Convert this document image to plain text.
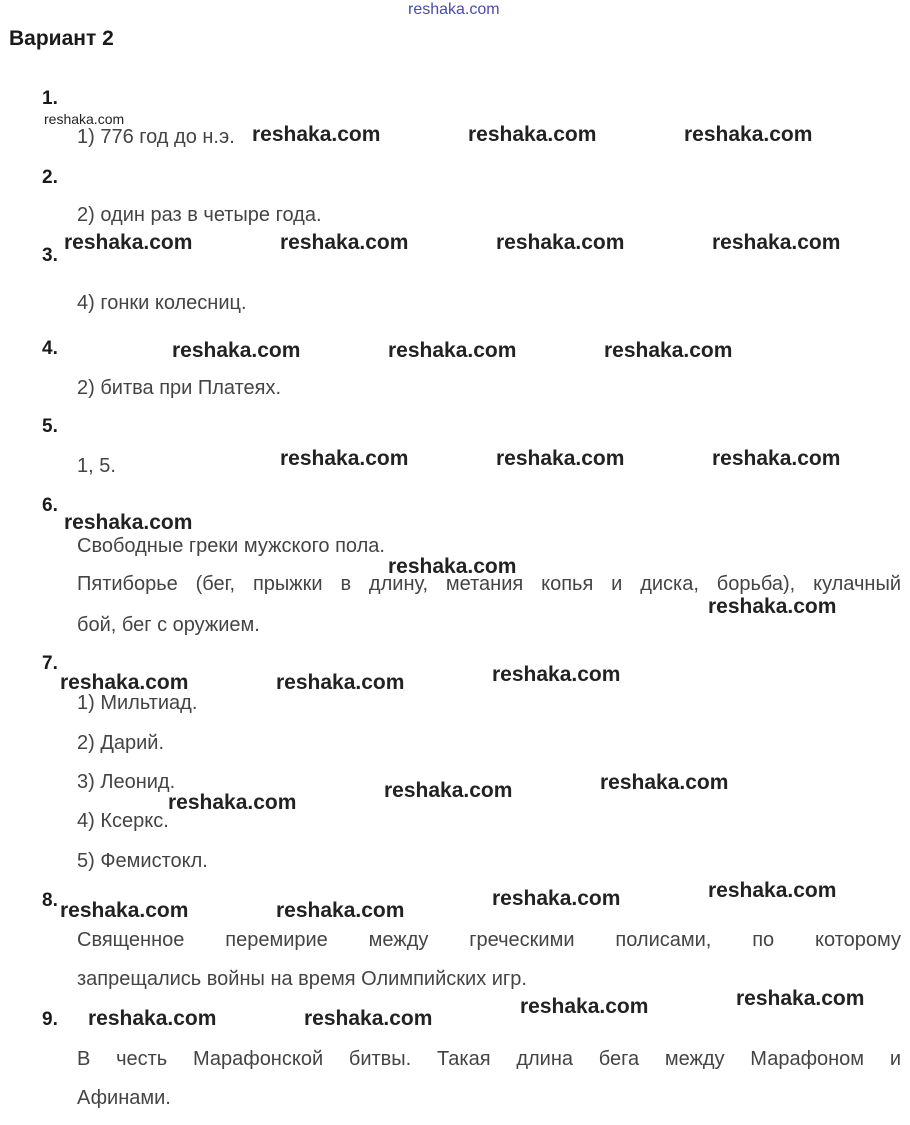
reshaka.com
Вариант 2
1.
1) 776 год до н.э.
2.
2) один раз в четыре года.
3.
4) гонки колесниц.
4.
2) битва при Платеях.
5.
1, 5.
6.
Свободные греки мужского пола.
Пятиборье (бег, прыжки в длину, метания копья и диска, борьба), кулачный
бой, бег с оружием.
7.
1) Мильтиад.
2) Дарий.
3) Леонид.
4) Ксеркс.
5) Фемистокл.
8.
Священное перемирие между греческими полисами, по которому
запрещались войны на время Олимпийских игр.
9.
В честь Марафонской битвы. Такая длина бега между Марафоном и
Афинами.
reshaka.com
reshaka.com	reshaka.com	reshaka.com
reshaka.com	reshaka.com	reshaka.com	reshaka.com
reshaka.com	reshaka.com	reshaka.com
reshaka.com	reshaka.com	reshaka.com
reshaka.com
reshaka.com
reshaka.com
reshaka.com	reshaka.com	reshaka.com
reshaka.com
reshaka.com
reshaka.com
reshaka.com
reshaka.com
reshaka.com
reshaka.com
reshaka.com
reshaka.com
reshaka.com
reshaka.com
